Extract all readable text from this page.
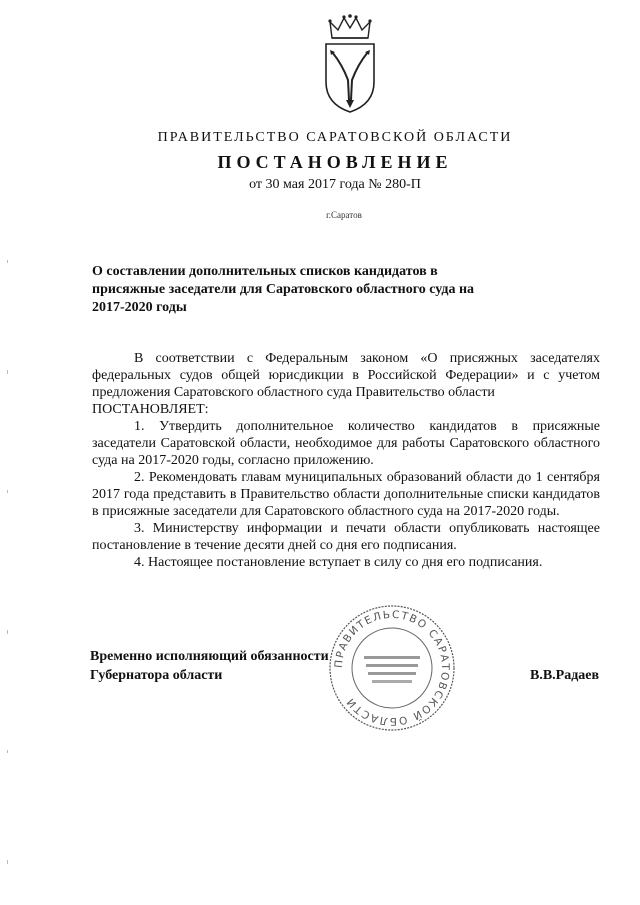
ПРАВИТЕЛЬСТВО САРАТОВСКОЙ ОБЛАСТИ
ПОСТАНОВЛЕНИЕ
от 30 мая 2017 года № 280-П
г.Саратов
О составлении дополнительных списков кандидатов в присяжные заседатели для Саратовского областного суда на 2017-2020 годы

В соответствии с Федеральным законом «О присяжных заседателях федеральных судов общей юрисдикции в Российской Федерации» и с учетом предложения Саратовского областного суда Правительство области

ПОСТАНОВЛЯЕТ:

1. Утвердить дополнительное количество кандидатов в присяжные заседатели Саратовской области, необходимое для работы Саратовского областного суда на 2017-2020 годы, согласно приложению.

2. Рекомендовать главам муниципальных образований области до 1 сентября 2017 года представить в Правительство области дополнительные списки кандидатов в присяжные заседатели для Саратовского областного суда на 2017-2020 годы.

3. Министерству информации и печати области опубликовать настоящее постановление в течение десяти дней со дня его подписания.

4. Настоящее постановление вступает в силу со дня его подписания.

ПРАВИТЕЛЬСТВО САРАТОВСКОЙ ОБЛАСТИ
Временно исполняющий обязанности
Губернатора области	В.В.Радаев
